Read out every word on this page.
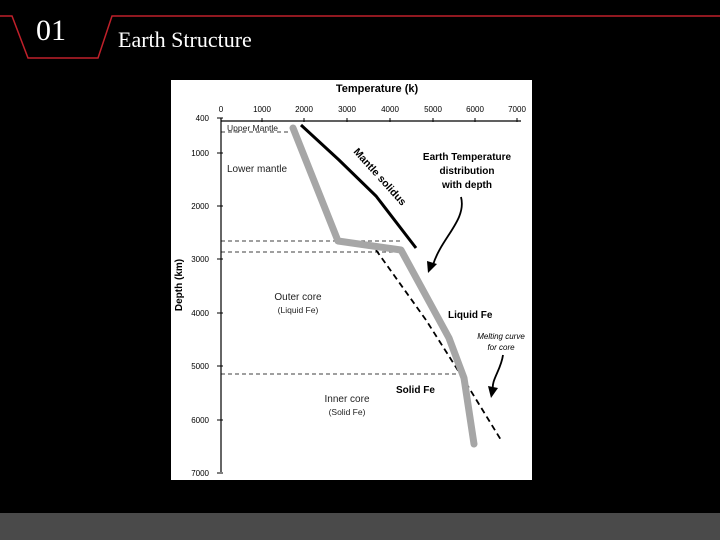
01 Earth Structure
Temperature (k)
0	1000	2000	3000	4000	5000	6000	7000
Depth (km)
400
1000
2000
3000
4000
5000
6000
7000
Upper Mantle
Lower mantle
Outer core
(Liquid Fe)
Inner core
(Solid Fe)
Mantle solidus
Liquid Fe
Solid Fe
Melting curve
for core
Earth Temperature
distribution
with depth
